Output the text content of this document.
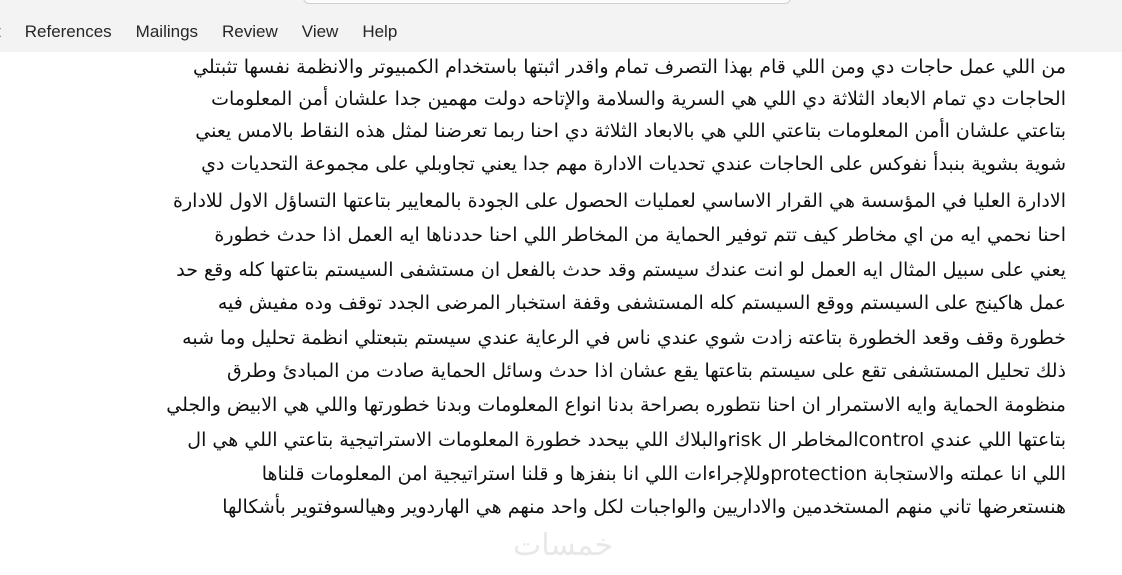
References	Mailings	Review	View	Help
من اللي عمل حاجات دي ومن اللي قام بهذا التصرف تمام واقدر اثبتها باستخدام الكمبيوتر والانظمة نفسها تثبتلي
الحاجات دي تمام الابعاد الثلاثة دي اللي هي السرية والسلامة والإتاحه دولت مهمين جدا علشان أمن المعلومات
بتاعتي علشان اأمن المعلومات بتاعتي اللي هي بالابعاد الثلاثة دي احنا ربما تعرضنا لمثل هذه النقاط بالامس يعني
شوية بشوية بنبدأ نفوكس على الحاجات عندي تحديات الادارة مهم جدا يعني تجاوبلي على مجموعة التحديات دي
الادارة العليا في المؤسسة هي القرار الاساسي لعمليات الحصول على الجودة بالمعايير بتاعتها التساؤل الاول للادارة
احنا نحمي ايه من اي مخاطر كيف تتم توفير الحماية من المخاطر اللي احنا حددناها ايه العمل اذا حدث خطورة
يعني على سبيل المثال ايه العمل لو انت عندك سيستم وقد حدث بالفعل ان مستشفى السيستم بتاعتها كله وقع حد
عمل هاكينج على السيستم ووقع السيستم كله المستشفى وقفة استخبار المرضى الجدد توقف وده مفيش فيه
خطورة وقف وقعد الخطورة بتاعته زادت شوي عندي ناس في الرعاية عندي سيستم بتبعتلي انظمة تحليل وما شبه
ذلك تحليل المستشفى تقع على سيستم بتاعتها يقع عشان اذا حدث وسائل الحماية صادت من المبادئ وطرق
منظومة الحماية وايه الاستمرار ان احنا نتطوره بصراحة بدنا انواع المعلومات وبدنا خطورتها واللي هي الابيض والجلي
بتاعتها اللي عندي controlالمخاطر ال riskوالبلاك اللي بيحدد خطورة المعلومات الاستراتيجية بتاعتي اللي هي ال
اللي انا عملته والاستجابة protectionوللإجراءات اللي انا بنفزها و قلنا استراتيجية امن المعلومات قلناها
هنستعرضها تاني منهم المستخدمين والاداريين والواجبات لكل واحد منهم هي الهاردوير وهيالسوفتوير بأشكالها
خمسات
